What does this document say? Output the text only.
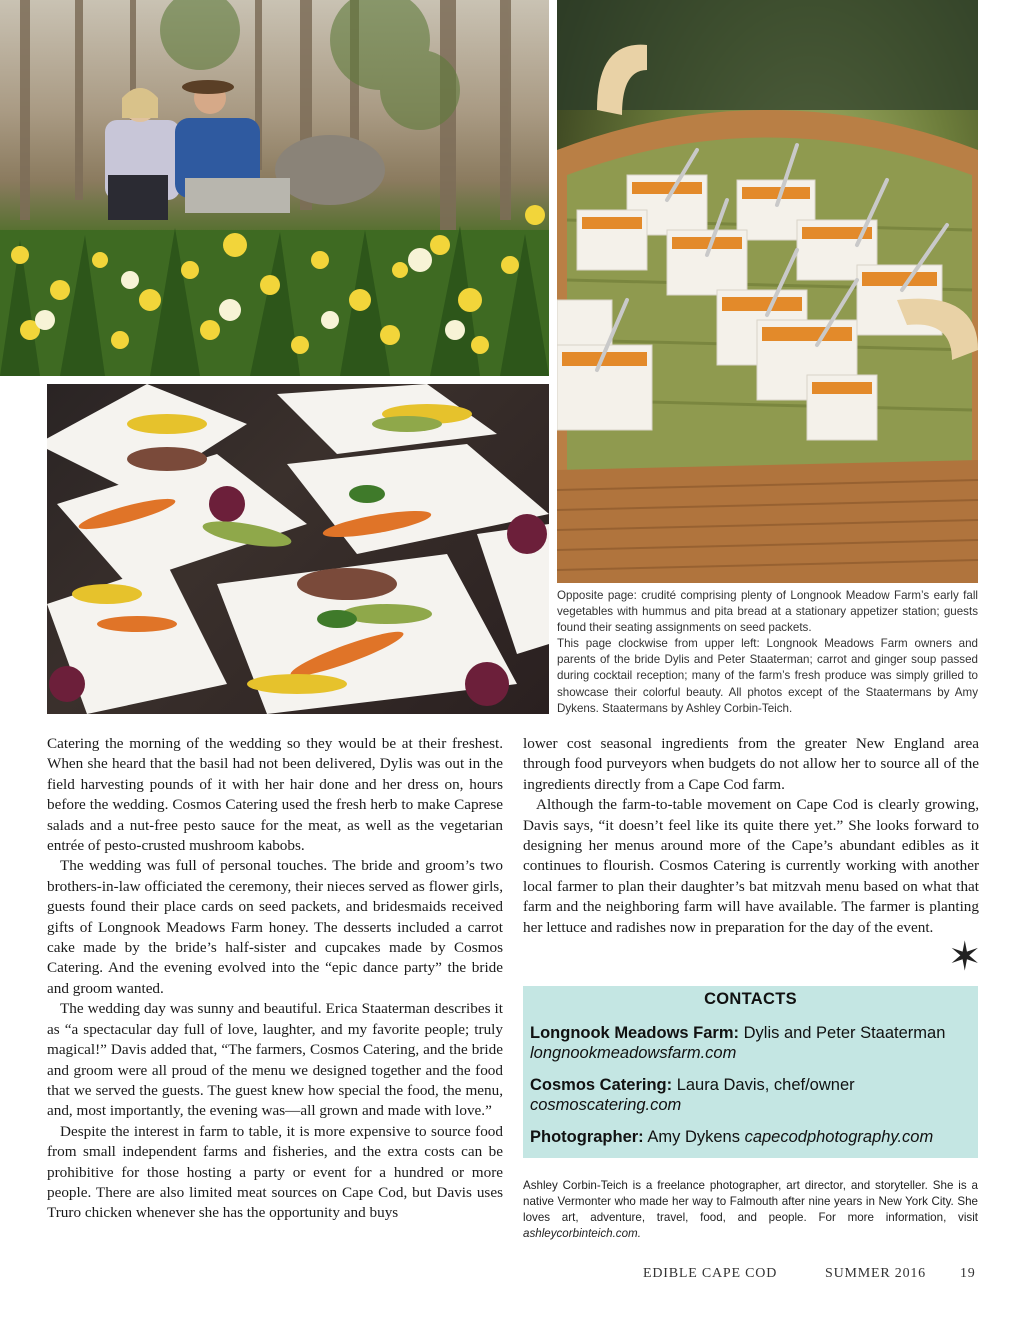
Opposite page: crudité comprising plenty of Longnook Meadow Farm’s early fall vegetables with hummus and pita bread at a stationary appetizer station; guests found their seating assignments on seed packets.

This page clockwise from upper left: Longnook Meadows Farm owners and parents of the bride Dylis and Peter Staaterman; carrot and ginger soup passed during cocktail reception; many of the farm’s fresh produce was simply grilled to showcase their colorful beauty. All photos except of the Staatermans by Amy Dykens. Staatermans by Ashley Corbin-Teich.

Catering the morning of the wedding so they would be at their freshest. When she heard that the basil had not been delivered, Dylis was out in the field harvesting pounds of it with her hair done and her dress on, hours before the wedding. Cosmos Catering used the fresh herb to make Caprese salads and a nut-free pesto sauce for the meat, as well as the vegetarian entrée of pesto-crusted mushroom kabobs.

The wedding was full of personal touches. The bride and groom’s two brothers-in-law officiated the ceremony, their nieces served as flower girls, guests found their place cards on seed packets, and bridesmaids received gifts of Longnook Meadows Farm honey. The desserts included a carrot cake made by the bride’s half-sister and cupcakes made by Cosmos Catering. And the evening evolved into the “epic dance party” the bride and groom wanted.

The wedding day was sunny and beautiful. Erica Staaterman describes it as “a spectacular day full of love, laughter, and my favorite people; truly magical!” Davis added that, “The farmers, Cosmos Catering, and the bride and groom were all proud of the menu we designed together and the food that we served the guests. The guest knew how special the food, the menu, and, most importantly, the evening was—all grown and made with love.”

Despite the interest in farm to table, it is more expensive to source food from small independent farms and fisheries, and the extra costs can be prohibitive for those hosting a party or event for a hundred or more people. There are also limited meat sources on Cape Cod, but Davis uses Truro chicken whenever she has the opportunity and buys

lower cost seasonal ingredients from the greater New England area through food purveyors when budgets do not allow her to source all of the ingredients directly from a Cape Cod farm.

Although the farm-to-table movement on Cape Cod is clearly growing, Davis says, “it doesn’t feel like its quite there yet.” She looks forward to designing her menus around more of the Cape’s abundant edibles as it continues to flourish. Cosmos Catering is currently working with another local farmer to plan their daughter’s bat mitzvah menu based on what that farm and the neighboring farm will have available. The farmer is planting her lettuce and radishes now in preparation for the day of the event.

✶
CONTACTS
Longnook Meadows Farm: Dylis and Peter Staaterman
longnookmeadowsfarm.com
Cosmos Catering: Laura Davis, chef/owner
cosmoscatering.com
Photographer: Amy Dykens capecodphotography.com
Ashley Corbin-Teich is a freelance photographer, art director, and storyteller. She is a native Vermonter who made her way to Falmouth after nine years in New York City. She loves art, adventure, travel, food, and people. For more information, visit ashleycorbinteich.com.
EDIBLE CAPE COD	SUMMER 2016 19
